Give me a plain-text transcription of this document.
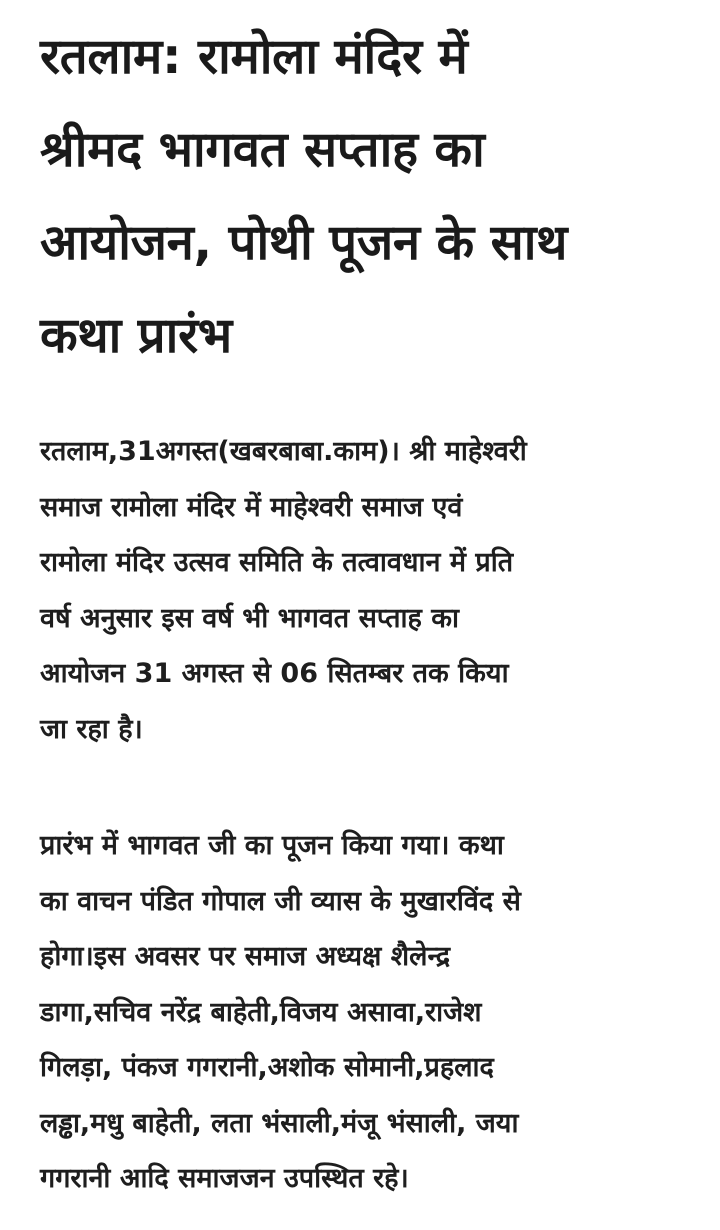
रतलाम: रामोला मंदिर में
श्रीमद भागवत सप्ताह का
आयोजन, पोथी पूजन के साथ
कथा प्रारंभ

रतलाम,31अगस्त(खबरबाबा.काम)। श्री माहेश्वरी
समाज रामोला मंदिर में माहेश्वरी समाज एवं
रामोला मंदिर उत्सव समिति के तत्वावधान में प्रति
वर्ष अनुसार इस वर्ष भी भागवत सप्ताह का
आयोजन 31 अगस्त से 06 सितम्बर तक किया
जा रहा है।

प्रारंभ में भागवत जी का पूजन किया गया। कथा
का वाचन पंडित गोपाल जी व्यास के मुखारविंद से
होगा।इस अवसर पर समाज अध्यक्ष शैलेन्द्र
डागा,सचिव नरेंद्र बाहेती,विजय असावा,राजेश
गिलड़ा, पंकज गगरानी,अशोक सोमानी,प्रहलाद
लड्ढा,मधु बाहेती, लता भंसाली,मंजू भंसाली, जया
गगरानी आदि समाजजन उपस्थित रहे।
